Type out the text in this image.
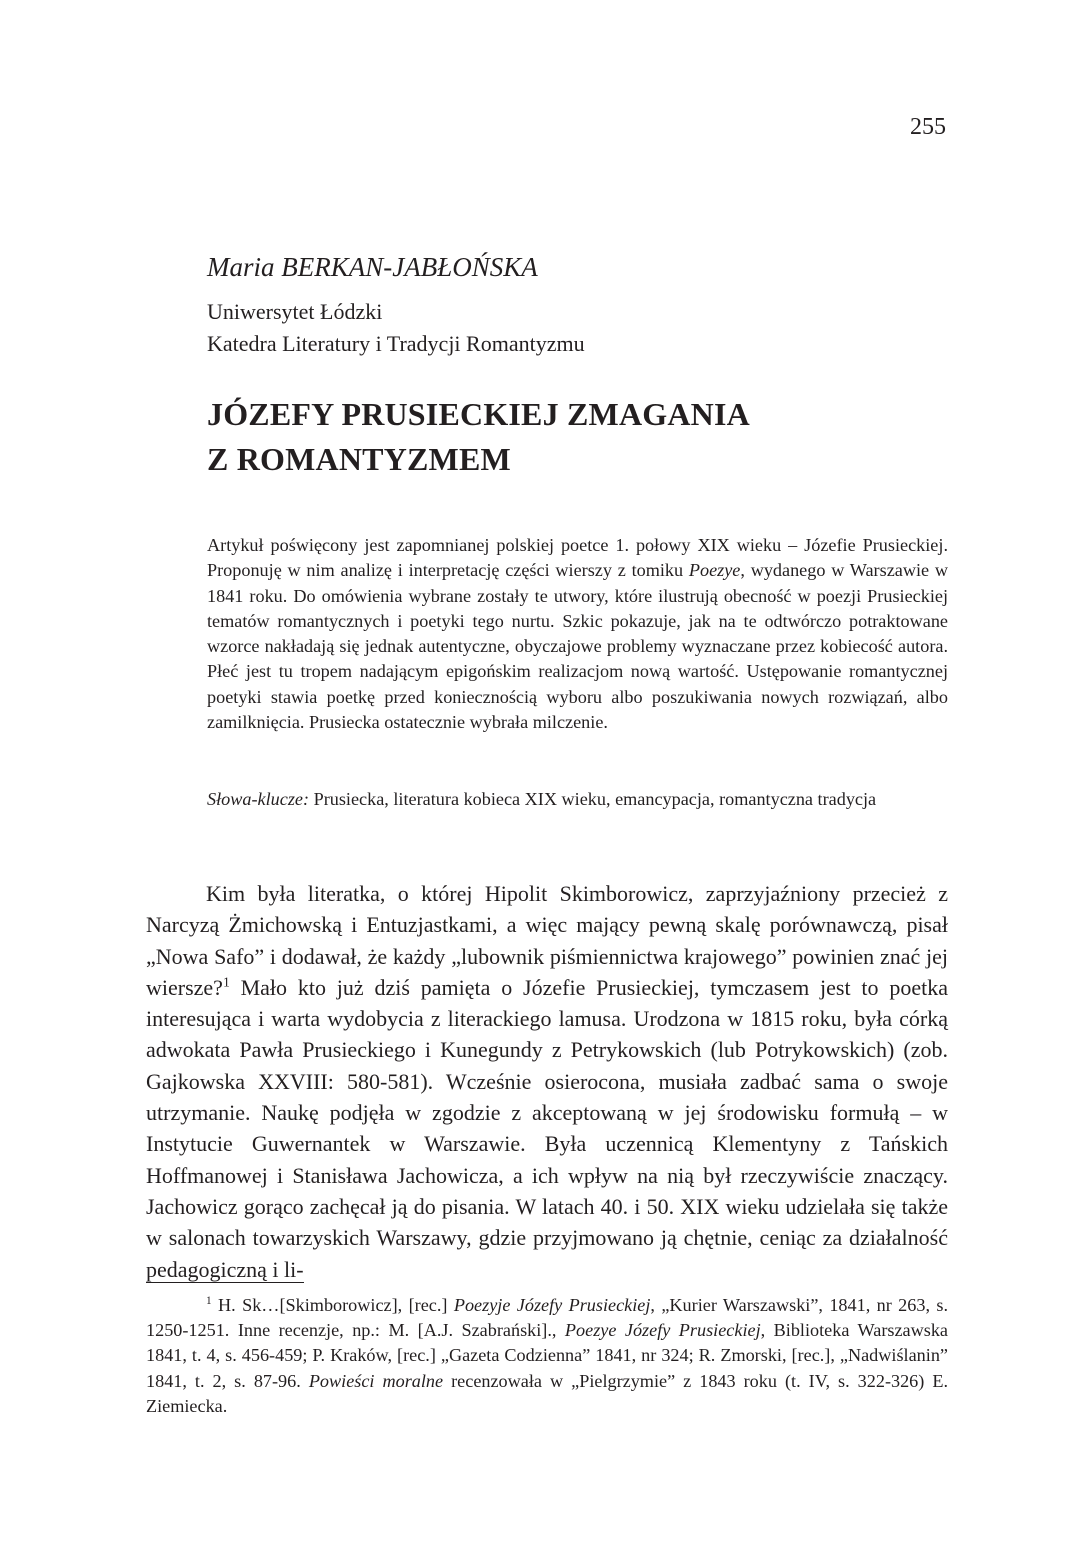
255
Maria BERKAN-JABŁOŃSKA
Uniwersytet Łódzki
Katedra Literatury i Tradycji Romantyzmu
JÓZEFY PRUSIECKIEJ ZMAGANIA
Z ROMANTYZMEM

Artykuł poświęcony jest zapomnianej polskiej poetce 1. połowy XIX wieku – Józefie Prusieckiej. Proponuję w nim analizę i interpretację części wierszy z tomiku Poezye, wydanego w Warszawie w 1841 roku. Do omówienia wybrane zostały te utwory, które ilustrują obecność w poezji Prusieckiej tematów romantycznych i poetyki tego nurtu. Szkic pokazuje, jak na te odtwórczo potraktowane wzorce nakładają się jednak autentyczne, obyczajowe problemy wyznaczane przez kobiecość autora. Płeć jest tu tropem nadającym epigońskim realizacjom nową wartość. Ustępowanie romantycznej poetyki stawia poetkę przed koniecznością wyboru albo poszukiwania nowych rozwiązań, albo zamilknięcia. Prusiecka ostatecznie wybrała milczenie.

Słowa-klucze: Prusiecka, literatura kobieca XIX wieku, emancypacja, romantyczna tradycja

Kim była literatka, o której Hipolit Skimborowicz, zaprzyjaźniony przecież z Narcyzą Żmichowską i Entuzjastkami, a więc mający pewną skalę porównawczą, pisał „Nowa Safo” i dodawał, że każdy „lubownik piśmiennictwa krajowego” powinien znać jej wiersze?$^1$ Mało kto już dziś pamięta o Józefie Prusieckiej, tymczasem jest to poetka interesująca i warta wydobycia z literackiego lamusa. Urodzona w 1815 roku, była córką adwokata Pawła Prusieckiego i Kunegundy z Petrykowskich (lub Potrykowskich) (zob. Gajkowska XXVIII: 580-581). Wcześnie osierocona, musiała zadbać sama o swoje utrzymanie. Naukę podjęła w zgodzie z akceptowaną w jej środowisku formułą – w Instytucie Guwernantek w Warszawie. Była uczennicą Klementyny z Tańskich Hoffmanowej i Stanisława Jachowicza, a ich wpływ na nią był rzeczywiście znaczący. Jachowicz gorąco zachęcał ją do pisania. W latach 40. i 50. XIX wieku udzielała się także w salonach towarzyskich Warszawy, gdzie przyjmowano ją chętnie, ceniąc za działalność pedagogiczną i li-

$^1$ H. Sk…[Skimborowicz], [rec.] Poezyje Józefy Prusieckiej, „Kurier Warszawski”, 1841, nr 263, s. 1250-1251. Inne recenzje, np.: M. [A.J. Szabrański]., Poezye Józefy Prusieckiej, Biblioteka Warszawska 1841, t. 4, s. 456-459; P. Kraków, [rec.] „Gazeta Codzienna” 1841, nr 324; R. Zmorski, [rec.], „Nadwiślanin” 1841, t. 2, s. 87-96. Powieści moralne recenzowała w „Pielgrzymie” z 1843 roku (t. IV, s. 322-326) E. Ziemiecka.
